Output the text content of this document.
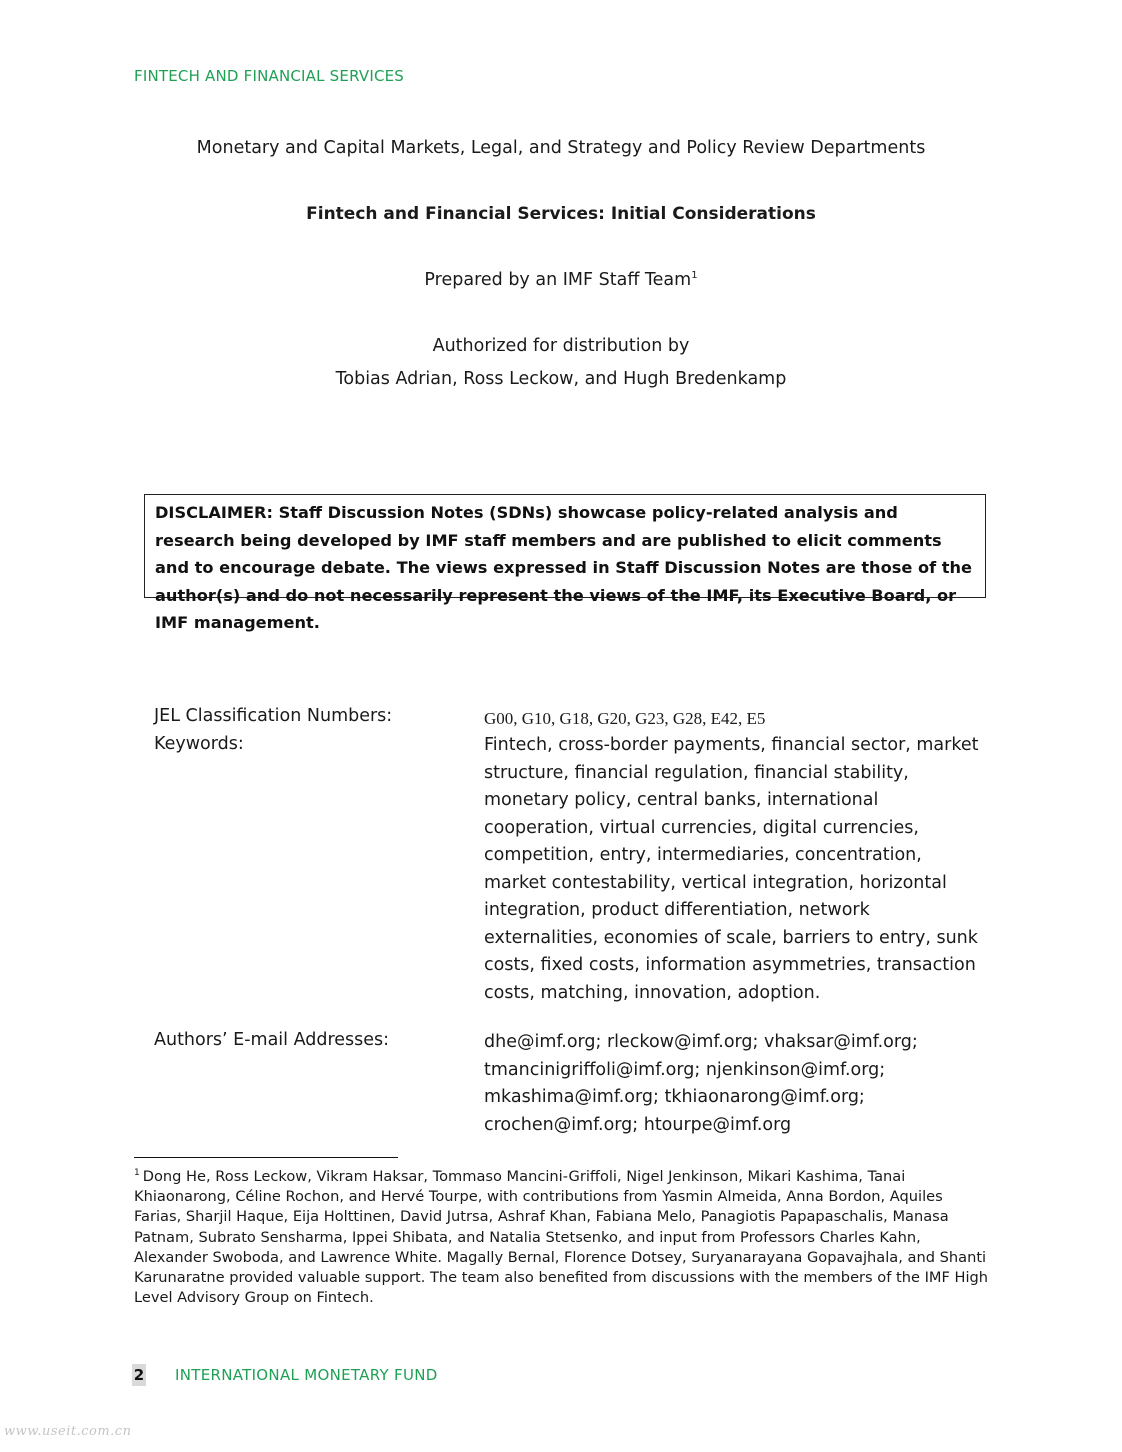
FINTECH AND FINANCIAL SERVICES
Monetary and Capital Markets, Legal, and Strategy and Policy Review Departments
Fintech and Financial Services: Initial Considerations
Prepared by an IMF Staff Team$^1$
Authorized for distribution by
Tobias Adrian, Ross Leckow, and Hugh Bredenkamp
DISCLAIMER: Staff Discussion Notes (SDNs) showcase policy-related analysis and research being developed by IMF staff members and are published to elicit comments and to encourage debate. The views expressed in Staff Discussion Notes are those of the author(s) and do not necessarily represent the views of the IMF, its Executive Board, or IMF management.
JEL Classification Numbers:	G00, G10, G18, G20, G23, G28, E42, E5
Keywords:	Fintech, cross-border payments, financial sector, market structure, financial regulation, financial stability, monetary policy, central banks, international cooperation, virtual currencies, digital currencies, competition, entry, intermediaries, concentration, market contestability, vertical integration, horizontal integration, product differentiation, network externalities, economies of scale, barriers to entry, sunk costs, fixed costs, information asymmetries, transaction costs, matching, innovation, adoption.
Authors’ E-mail Addresses:	dhe@imf.org; rleckow@imf.org; vhaksar@imf.org; tmancinigriffoli@imf.org; njenkinson@imf.org; mkashima@imf.org; tkhiaonarong@imf.org; crochen@imf.org; htourpe@imf.org
$^1$ Dong He, Ross Leckow, Vikram Haksar, Tommaso Mancini-Griffoli, Nigel Jenkinson, Mikari Kashima, Tanai Khiaonarong, Céline Rochon, and Hervé Tourpe, with contributions from Yasmin Almeida, Anna Bordon, Aquiles Farias, Sharjil Haque, Eija Holttinen, David Jutrsa, Ashraf Khan, Fabiana Melo, Panagiotis Papapaschalis, Manasa Patnam, Subrato Sensharma, Ippei Shibata, and Natalia Stetsenko, and input from Professors Charles Kahn, Alexander Swoboda, and Lawrence White. Magally Bernal, Florence Dotsey, Suryanarayana Gopavajhala, and Shanti Karunaratne provided valuable support. The team also benefited from discussions with the members of the IMF High Level Advisory Group on Fintech.
2 INTERNATIONAL MONETARY FUND
www.useit.com.cn
